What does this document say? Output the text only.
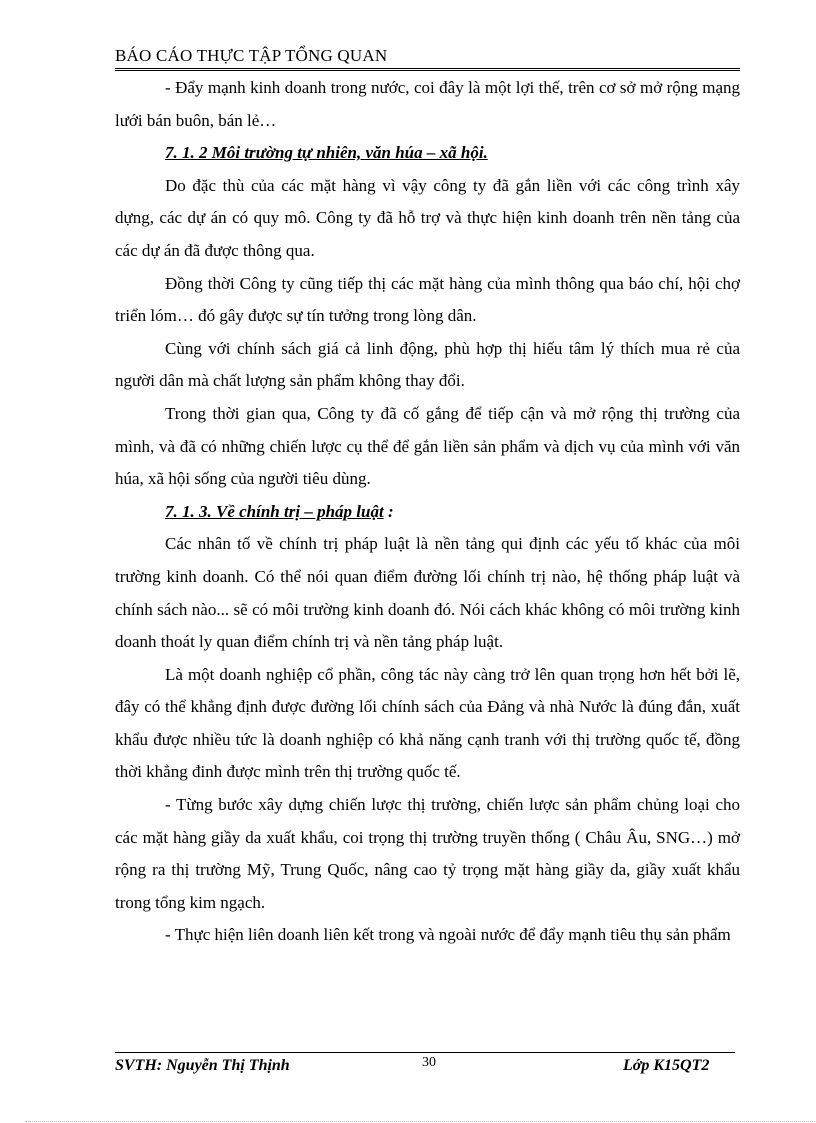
BÁO CÁO THỰC TẬP TỔNG QUAN

- Đẩy mạnh kinh doanh trong nước, coi đây là một lợi thế, trên cơ sở mở rộng mạng lưới bán buôn, bán lẻ…

7. 1. 2 Môi trường tự nhiên, văn húa – xã hội.

Do đặc thù của các mặt hàng vì vậy công ty đã gắn liền với các công trình xây dựng, các dự án có quy mô. Công ty đã hỗ trợ và thực hiện kinh doanh trên nền tảng của các dự án đã được thông qua.

Đồng thời Công ty cũng tiếp thị các mặt hàng của mình thông qua báo chí, hội chợ triển lóm… đó gây được sự tín tưởng trong lòng dân.

Cùng với chính sách giá cả linh động, phù hợp thị hiếu tâm lý thích mua rẻ của người dân mà chất lượng sản phẩm không thay đổi.

Trong thời gian qua, Công ty đã cố gắng để tiếp cận và mở rộng thị trường của mình, và đã có những chiến lược cụ thể để gắn liền sản phẩm và dịch vụ của mình với văn húa, xã hội sống của người tiêu dùng.

7. 1. 3. Về chính trị – pháp luật :

Các nhân tố về chính trị pháp luật là nền tảng qui định các yếu tố khác của môi trường kinh doanh. Có thể nói quan điểm đường lối chính trị nào, hệ thống pháp luật và chính sách nào... sẽ có môi trường kinh doanh đó. Nói cách khác không có môi trường kinh doanh thoát ly quan điểm chính trị và nền tảng pháp luật.

Là một doanh nghiệp cổ phần, công tác này càng trở lên quan trọng hơn hết bởi lẽ, đây có thể khẳng định được đường lối chính sách của Đảng và nhà Nước là đúng đắn, xuất khẩu được nhiều tức là doanh nghiệp có khả năng cạnh tranh với thị trường quốc tế, đồng thời khẳng đinh được mình trên thị trường quốc tế.

- Từng bước xây dựng chiến lược thị trường, chiến lược sản phẩm chủng loại cho các mặt hàng giầy da xuất khẩu, coi trọng thị trường truyền thống ( Châu Âu, SNG…) mở rộng ra thị trường Mỹ, Trung Quốc, nâng cao tỷ trọng mặt hàng giầy da, giầy xuất khẩu trong tổng kim ngạch.

- Thực hiện liên doanh liên kết trong và ngoài nước để đẩy mạnh tiêu thụ sản phẩm

SVTH: Nguyễn Thị Thịnh	30	Lớp K15QT2
